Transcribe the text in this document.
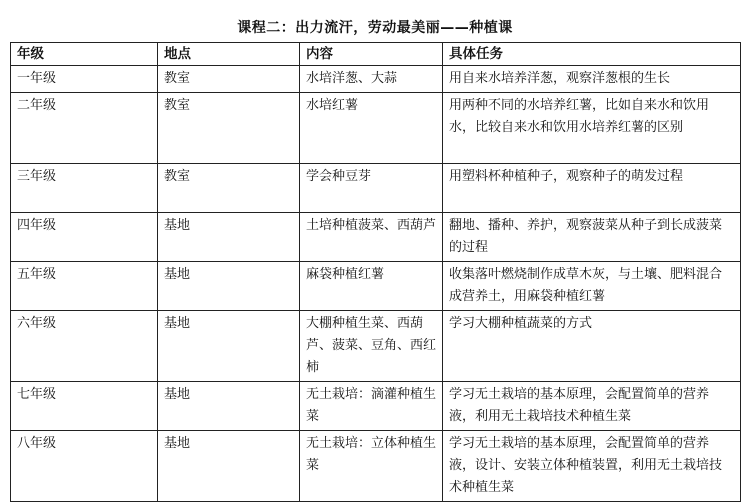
课程二：出力流汗，劳动最美丽——种植课
年级	地点	内容	具体任务
一年级	教室	水培洋葱、大蒜	用自来水培养洋葱，观察洋葱根的生长
二年级	教室	水培红薯	用两种不同的水培养红薯，比如自来水和饮用水，比较自来水和饮用水培养红薯的区别
三年级	教室	学会种豆芽	用塑料杯种植种子，观察种子的萌发过程
四年级	基地	土培种植菠菜、西葫芦	翻地、播种、养护，观察菠菜从种子到长成菠菜的过程
五年级	基地	麻袋种植红薯	收集落叶燃烧制作成草木灰，与土壤、肥料混合成营养土，用麻袋种植红薯
六年级	基地	大棚种植生菜、西葫芦、菠菜、豆角、西红柿	学习大棚种植蔬菜的方式
七年级	基地	无土栽培：滴灌种植生菜	学习无土栽培的基本原理，会配置简单的营养液，利用无土栽培技术种植生菜
八年级	基地	无土栽培：立体种植生菜	学习无土栽培的基本原理，会配置简单的营养液，设计、安装立体种植装置，利用无土栽培技术种植生菜
